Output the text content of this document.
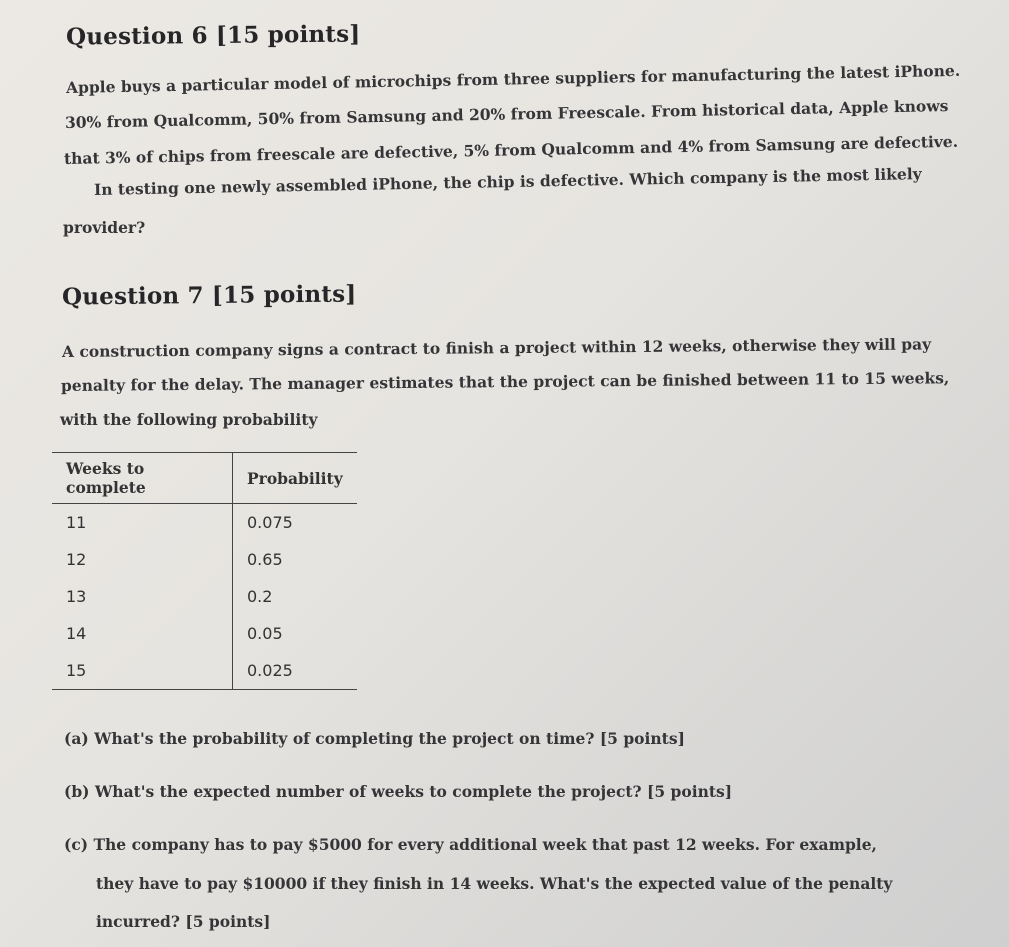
Question 6 [15 points]
Apple buys a particular model of microchips from three suppliers for manufacturing the latest iPhone.
30% from Qualcomm, 50% from Samsung and 20% from Freescale. From historical data, Apple knows
that 3% of chips from freescale are defective, 5% from Qualcomm and 4% from Samsung are defective.
In testing one newly assembled iPhone, the chip is defective. Which company is the most likely
provider?
Question 7 [15 points]
A construction company signs a contract to finish a project within 12 weeks, otherwise they will pay
penalty for the delay. The manager estimates that the project can be finished between 11 to 15 weeks,
with the following probability
Weeks to complete	Probability
11	0.075
12	0.65
13	0.2
14	0.05
15	0.025
(a) What's the probability of completing the project on time? [5 points]
(b) What's the expected number of weeks to complete the project? [5 points]
(c) The company has to pay $5000 for every additional week that past 12 weeks. For example,
they have to pay $10000 if they finish in 14 weeks. What's the expected value of the penalty
incurred? [5 points]
